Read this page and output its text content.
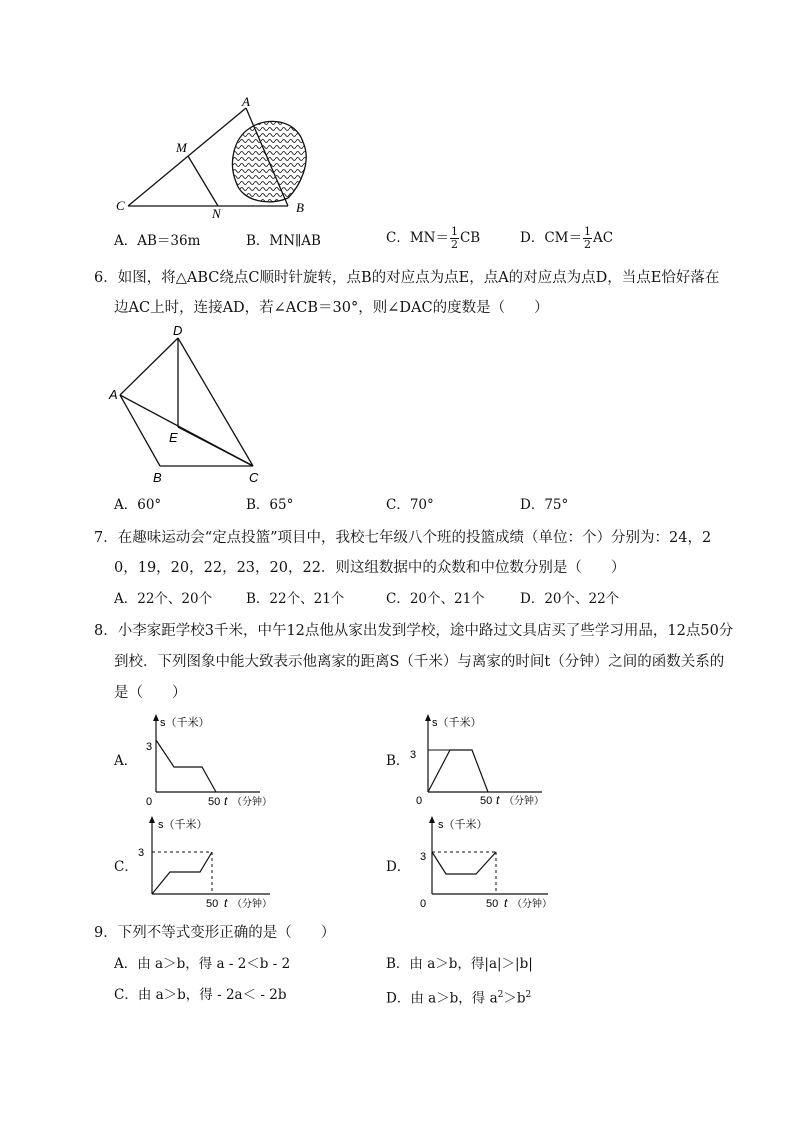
A
C	B
M
N
A．AB＝36m	B．MN∥AB	C．$MN= \frac{1}{2}$ CB	D．$CM= \frac{1}{2}$ AC
6．如图，将△ABC绕点C顺时针旋转，点B的对应点为点E，点A的对应点为点D，当点E恰好落在
边AC上时，连接AD，若∠ACB＝30°，则∠DAC的度数是（　　）
D
A
E
B	C
A．60°	B．65°	C．70°	D．75°
7．在趣味运动会“定点投篮”项目中，我校七年级八个班的投篮成绩（单位：个）分别为：24，2
0，19，20，22，23，20，22．则这组数据中的众数和中位数分别是（　　）
A．22个、20个	B．22个、21个	C．20个、21个	D．20个、22个
8．小李家距学校3千米，中午12点他从家出发到学校，途中路过文具店买了些学习用品，12点50分
到校．下列图象中能大致表示他离家的距离S（千米）与离家的时间t（分钟）之间的函数关系的
是（　　）
A．
s（千米）
3
0	50 t （分钟）
B．
s（千米）
3
0	50 t （分钟）
C．
s（千米）
3
50 t （分钟）
D．
s（千米）
3
0	50 t （分钟）
9．下列不等式变形正确的是（　　）
A．由 a＞b，得 a - 2＜b - 2	B．由 a＞b，得|a|＞|b|
C．由 a＞b，得 - 2a＜ - 2b	D．由 a＞b，得 $a^2>b^2$
